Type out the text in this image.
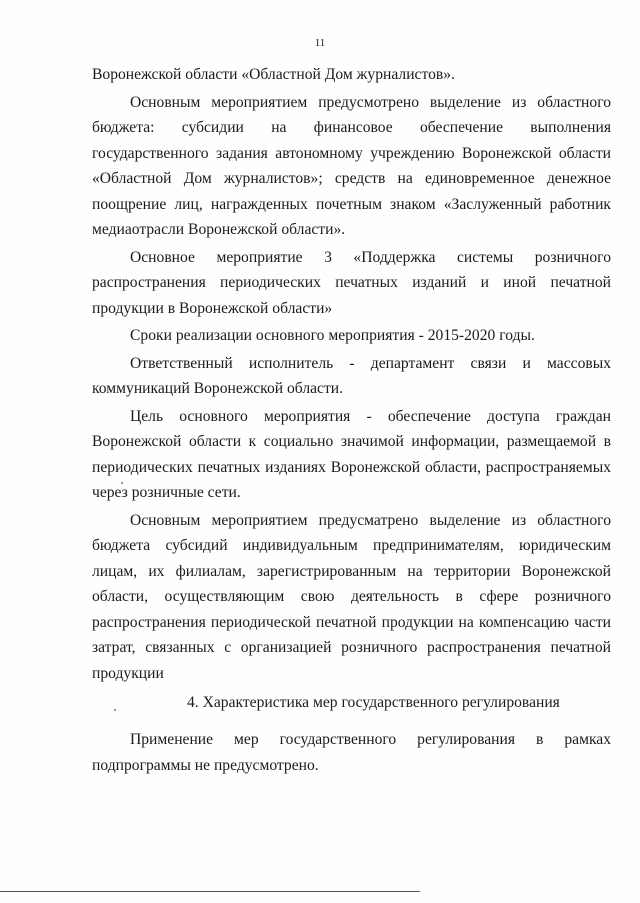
11

Воронежской области «Областной Дом журналистов».

Основным мероприятием предусмотрено выделение из областного бюджета: субсидии на финансовое обеспечение выполнения государственного задания автономному учреждению Воронежской области «Областной Дом журналистов»; средств на единовременное денежное поощрение лиц, награжденных почетным знаком «Заслуженный работник медиаотрасли Воронежской области».

Основное мероприятие 3 «Поддержка системы розничного распространения периодических печатных изданий и иной печатной продукции в Воронежской области»

Сроки реализации основного мероприятия - 2015-2020 годы.

Ответственный исполнитель - департамент связи и массовых коммуникаций Воронежской области.

Цель основного мероприятия - обеспечение доступа граждан Воронежской области к социально значимой информации, размещаемой в периодических печатных изданиях Воронежской области, распространяемых через розничные сети.

Основным мероприятием предусматрено выделение из областного бюджета субсидий индивидуальным предпринимателям, юридическим лицам, их филиалам, зарегистрированным на территории Воронежской области, осуществляющим свою деятельность в сфере розничного распространения периодической печатной продукции на компенсацию части затрат, связанных с организацией розничного распространения печатной продукции

4. Характеристика мер государственного регулирования

Применение мер государственного регулирования в рамках подпрограммы не предусмотрено.
